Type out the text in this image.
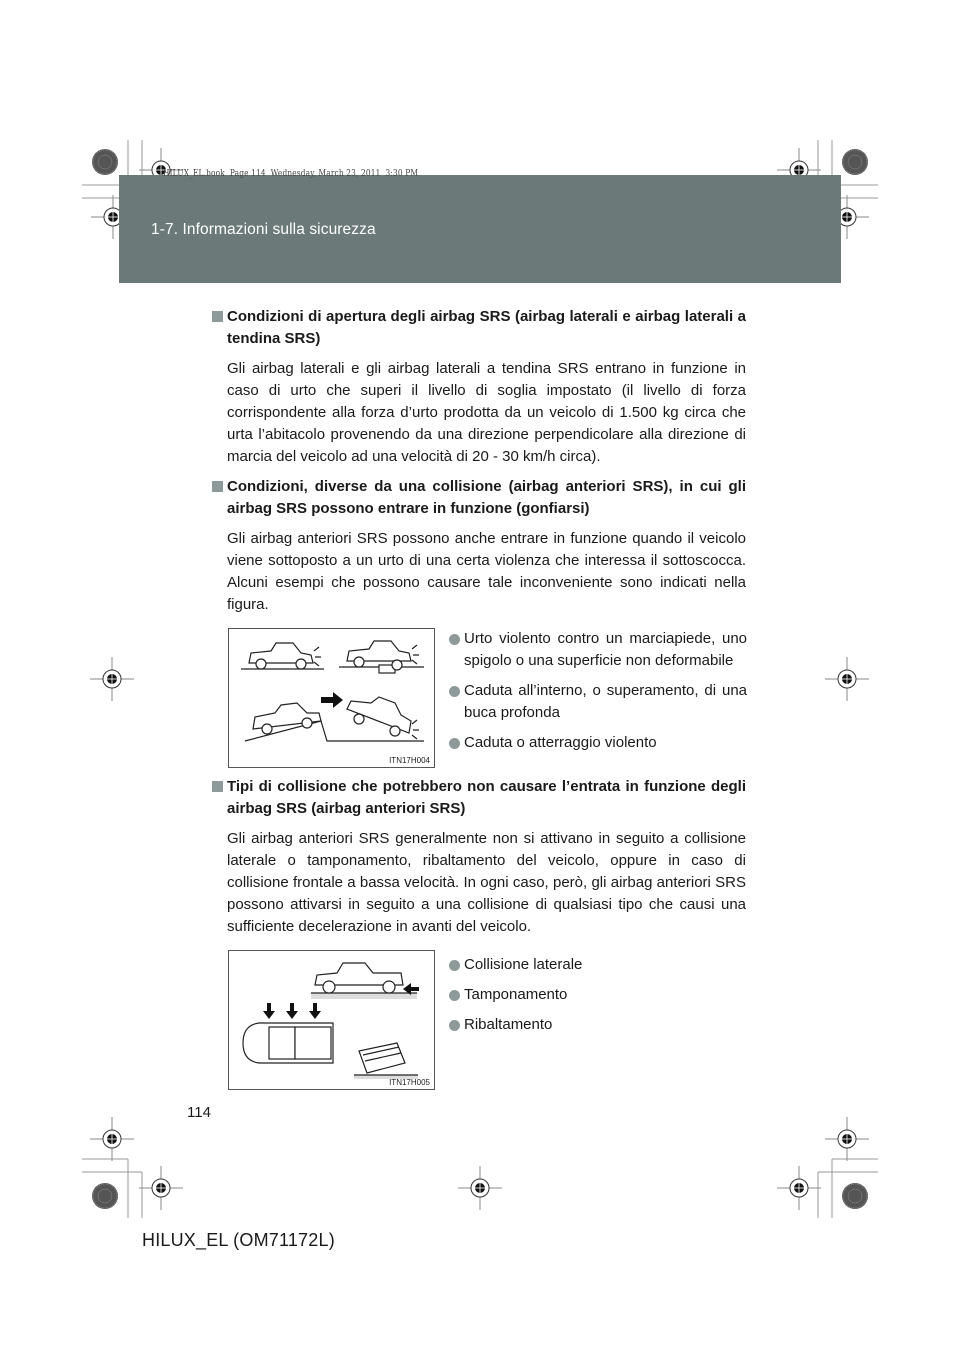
1-7. Informazioni sulla sicurezza
HILUX_EL.book  Page 114  Wednesday, March 23, 2011  3:30 PM
Condizioni di apertura degli airbag SRS (airbag laterali e airbag laterali a tendina SRS)
Gli airbag laterali e gli airbag laterali a tendina SRS entrano in funzione in caso di urto che superi il livello di soglia impostato (il livello di forza corrispondente alla forza d’urto prodotta da un veicolo di 1.500 kg circa che urta l’abitacolo provenendo da una direzione perpendicolare alla direzione di marcia del veicolo ad una velocità di 20 - 30 km/h circa).
Condizioni, diverse da una collisione (airbag anteriori SRS), in cui gli airbag SRS possono entrare in funzione (gonfiarsi)
Gli airbag anteriori SRS possono anche entrare in funzione quando il veicolo viene sottoposto a un urto di una certa violenza che interessa il sottoscocca. Alcuni esempi che possono causare tale inconveniente sono indicati nella figura.
ITN17H004
Urto violento contro un marciapiede, uno spigolo o una superficie non deformabile
Caduta all’interno, o superamento, di una buca profonda
Caduta o atterraggio violento
Tipi di collisione che potrebbero non causare l’entrata in funzione degli airbag SRS (airbag anteriori SRS)
Gli airbag anteriori SRS generalmente non si attivano in seguito a collisione laterale o tamponamento, ribaltamento del veicolo, oppure in caso di collisione frontale a bassa velocità. In ogni caso, però, gli airbag anteriori SRS possono attivarsi in seguito a una collisione di qualsiasi tipo che causi una sufficiente decelerazione in avanti del veicolo.
ITN17H005
Collisione laterale
Tamponamento
Ribaltamento
114
HILUX_EL (OM71172L)
